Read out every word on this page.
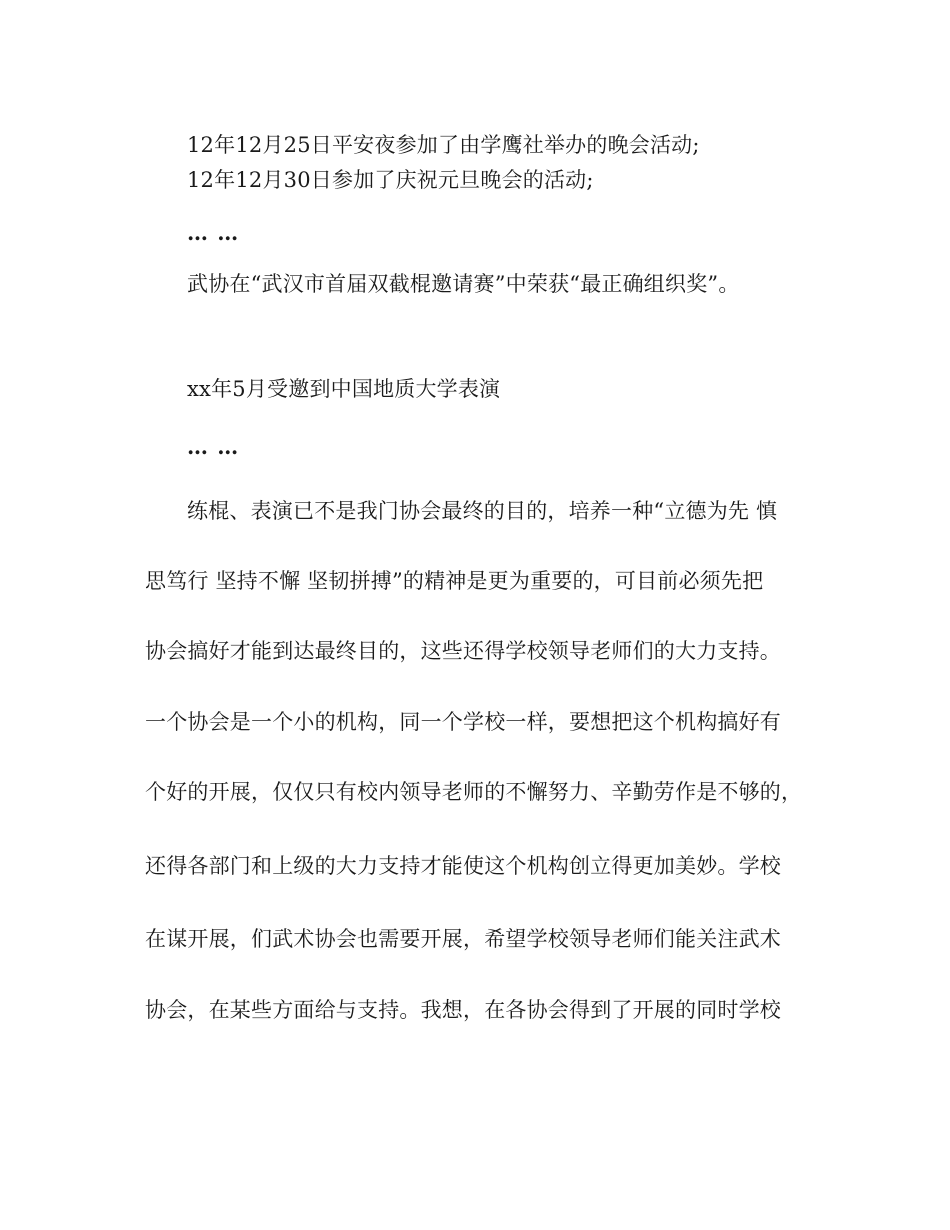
12年12月25日平安夜参加了由学鹰社举办的晚会活动;
12年12月30日参加了庆祝元旦晚会的活动;
… …
武协在“武汉市首届双截棍邀请赛”中荣获“最正确组织奖”。
xx年5月受邀到中国地质大学表演
… …
练棍、表演已不是我门协会最终的目的，培养一种“立德为先 慎
思笃行 坚持不懈 坚韧拼搏”的精神是更为重要的，可目前必须先把
协会搞好才能到达最终目的，这些还得学校领导老师们的大力支持。
一个协会是一个小的机构，同一个学校一样，要想把这个机构搞好有
个好的开展，仅仅只有校内领导老师的不懈努力、辛勤劳作是不够的，
还得各部门和上级的大力支持才能使这个机构创立得更加美妙。学校
在谋开展，们武术协会也需要开展，希望学校领导老师们能关注武术
协会，在某些方面给与支持。我想，在各协会得到了开展的同时学校
